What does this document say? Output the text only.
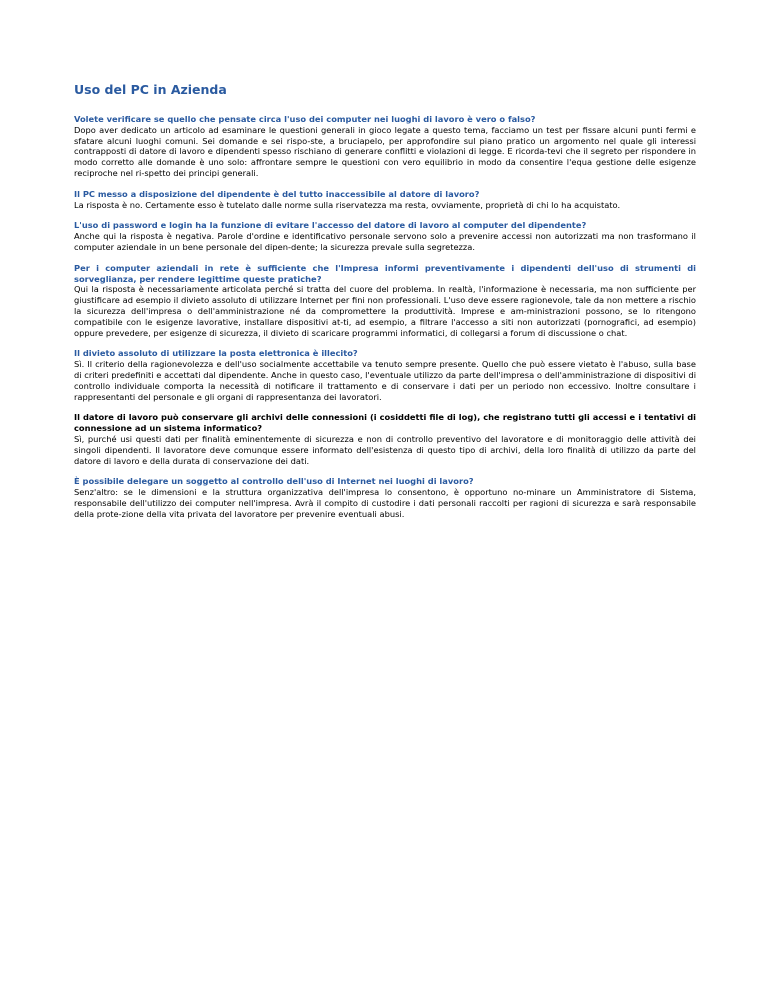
Uso del PC in Azienda

Volete verificare se quello che pensate circa l'uso dei computer nei luoghi di lavoro è vero o falso?

Dopo aver dedicato un articolo ad esaminare le questioni generali in gioco legate a questo tema, facciamo un test per fissare alcuni punti fermi e sfatare alcuni luoghi comuni. Sei domande e sei rispo-ste, a bruciapelo, per approfondire sul piano pratico un argomento nel quale gli interessi contrapposti di datore di lavoro e dipendenti spesso rischiano di generare conflitti e violazioni di legge. E ricorda-tevi che il segreto per rispondere in modo corretto alle domande è uno solo: affrontare sempre le questioni con vero equilibrio in modo da consentire l'equa gestione delle esigenze reciproche nel ri-spetto dei principi generali.

Il PC messo a disposizione del dipendente è del tutto inaccessibile al datore di lavoro?

La risposta è no. Certamente esso è tutelato dalle norme sulla riservatezza ma resta, ovviamente, proprietà di chi lo ha acquistato.

L'uso di password e login ha la funzione di evitare l'accesso del datore di lavoro al computer del dipendente?

Anche qui la risposta è negativa. Parole d'ordine e identificativo personale servono solo a prevenire accessi non autorizzati ma non trasformano il computer aziendale in un bene personale del dipen-dente; la sicurezza prevale sulla segretezza.

Per i computer aziendali in rete è sufficiente che l'Impresa informi preventivamente i dipendenti dell'uso di strumenti di sorveglianza, per rendere legittime queste pratiche?

Qui la risposta è necessariamente articolata perché si tratta del cuore del problema. In realtà, l'informazione è necessaria, ma non sufficiente per giustificare ad esempio il divieto assoluto di utilizzare Internet per fini non professionali. L'uso deve essere ragionevole, tale da non mettere a rischio la sicurezza dell'impresa o dell'amministrazione né da compromettere la produttività. Imprese e am-ministrazioni possono, se lo ritengono compatibile con le esigenze lavorative, installare dispositivi at-ti, ad esempio, a filtrare l'accesso a siti non autorizzati (pornografici, ad esempio) oppure prevedere, per esigenze di sicurezza, il divieto di scaricare programmi informatici, di collegarsi a forum di discussione o chat.

Il divieto assoluto di utilizzare la posta elettronica è illecito?

Sì. Il criterio della ragionevolezza e dell'uso socialmente accettabile va tenuto sempre presente. Quello che può essere vietato è l'abuso, sulla base di criteri predefiniti e accettati dal dipendente. Anche in questo caso, l'eventuale utilizzo da parte dell'impresa o dell'amministrazione di dispositivi di controllo individuale comporta la necessità di notificare il trattamento e di conservare i dati per un periodo non eccessivo. Inoltre consultare i rappresentanti del personale e gli organi di rappresentanza dei lavoratori.

Il datore di lavoro può conservare gli archivi delle connessioni (i cosiddetti file di log), che registrano tutti gli accessi e i tentativi di connessione ad un sistema informatico?

Sì, purché usi questi dati per finalità eminentemente di sicurezza e non di controllo preventivo del lavoratore e di monitoraggio delle attività dei singoli dipendenti. Il lavoratore deve comunque essere informato dell'esistenza di questo tipo di archivi, della loro finalità di utilizzo da parte del datore di lavoro e della durata di conservazione dei dati.

È possibile delegare un soggetto al controllo dell'uso di Internet nei luoghi di lavoro?

Senz'altro: se le dimensioni e la struttura organizzativa dell'impresa lo consentono, è opportuno no-minare un Amministratore di Sistema, responsabile dell'utilizzo dei computer nell'impresa. Avrà il compito di custodire i dati personali raccolti per ragioni di sicurezza e sarà responsabile della prote-zione della vita privata del lavoratore per prevenire eventuali abusi.
